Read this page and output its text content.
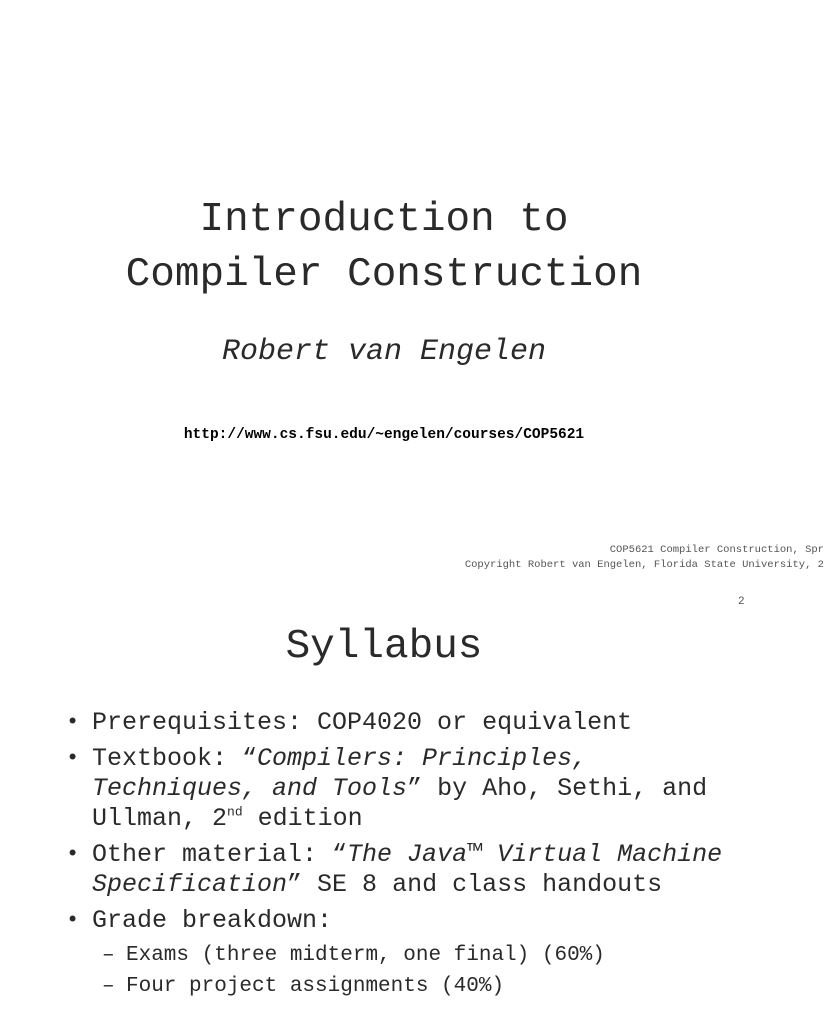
Introduction to
Compiler Construction
Robert van Engelen
http://www.cs.fsu.edu/~engelen/courses/COP5621
COP5621 Compiler Construction, Spr
Copyright Robert van Engelen, Florida State University, 2
2
Syllabus
• Prerequisites: COP4020 or equivalent
• Textbook: “Compilers: Principles, Techniques, and Tools” by Aho, Sethi, and Ullman, 2nd edition
• Other material: “The Java™ Virtual Machine Specification” SE 8 and class handouts
• Grade breakdown:
– Exams (three midterm, one final) (60%)
– Four project assignments (40%)
